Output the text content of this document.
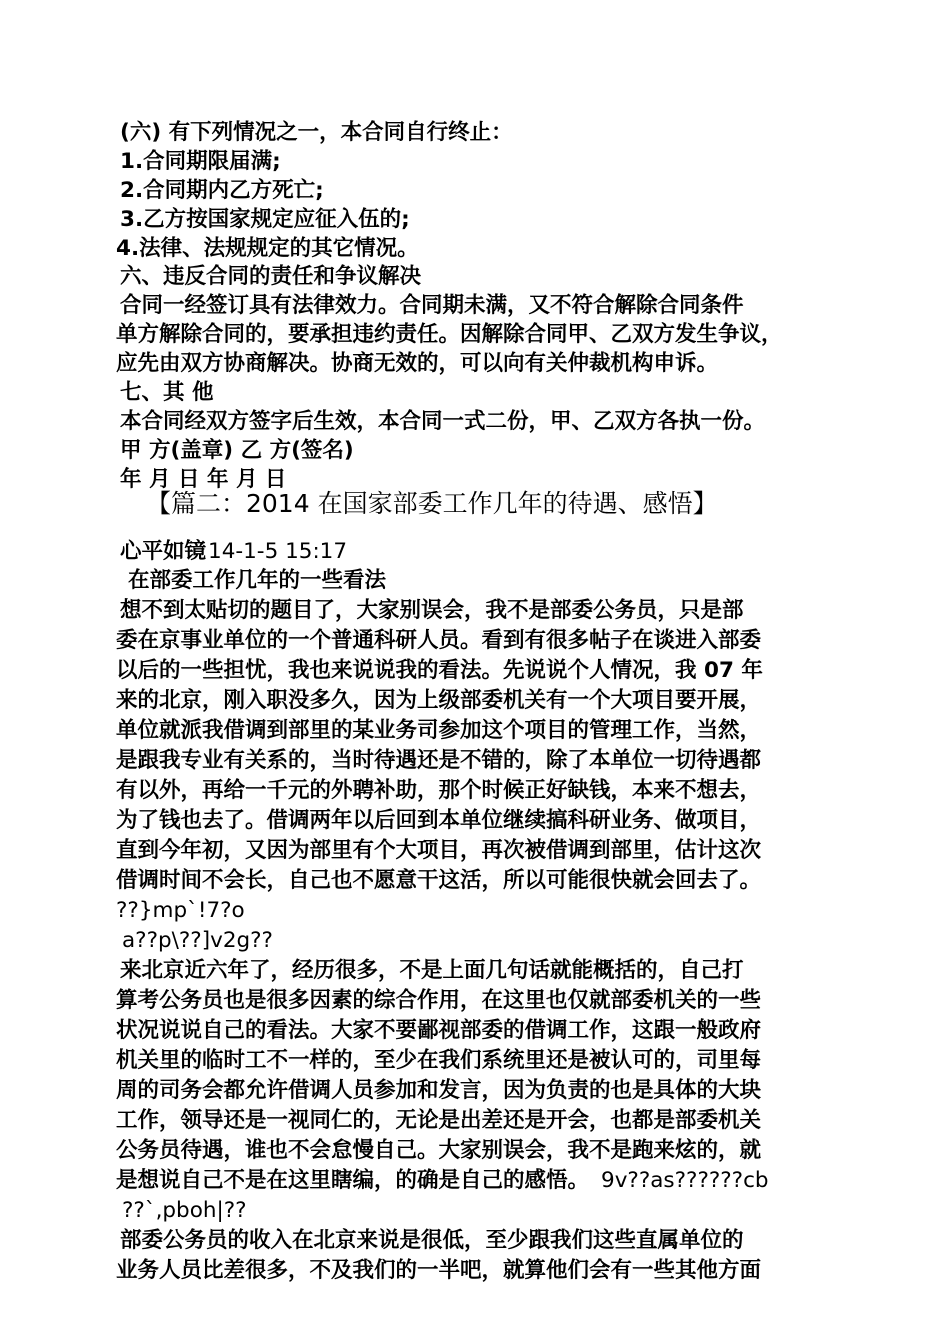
(六) 有下列情况之一，本合同自行终止：
1.合同期限届满;
2.合同期内乙方死亡;
3.乙方按国家规定应征入伍的;
4.法律、法规规定的其它情况。
六、违反合同的责任和争议解决
合同一经签订具有法律效力。合同期未满，又不符合解除合同条件
单方解除合同的，要承担违约责任。因解除合同甲、乙双方发生争议，
应先由双方协商解决。协商无效的，可以向有关仲裁机构申诉。
七、其 他
本合同经双方签字后生效，本合同一式二份，甲、乙双方各执一份。
甲 方(盖章) 乙 方(签名)
年 月 日 年 月 日
【篇二：2014 在国家部委工作几年的待遇、感悟】
心平如镜14-1-5 15:17
在部委工作几年的一些看法
想不到太贴切的题目了，大家别误会，我不是部委公务员，只是部
委在京事业单位的一个普通科研人员。看到有很多帖子在谈进入部委
以后的一些担忧，我也来说说我的看法。先说说个人情况，我 07 年
来的北京，刚入职没多久，因为上级部委机关有一个大项目要开展，
单位就派我借调到部里的某业务司参加这个项目的管理工作，当然，
是跟我专业有关系的，当时待遇还是不错的，除了本单位一切待遇都
有以外，再给一千元的外聘补助，那个时候正好缺钱，本来不想去，
为了钱也去了。借调两年以后回到本单位继续搞科研业务、做项目，
直到今年初，又因为部里有个大项目，再次被借调到部里，估计这次
借调时间不会长，自己也不愿意干这活，所以可能很快就会回去了。
??}mp`!7?o
a??p\??]v2g??
来北京近六年了，经历很多，不是上面几句话就能概括的，自己打
算考公务员也是很多因素的综合作用，在这里也仅就部委机关的一些
状况说说自己的看法。大家不要鄙视部委的借调工作，这跟一般政府
机关里的临时工不一样的，至少在我们系统里还是被认可的，司里每
周的司务会都允许借调人员参加和发言，因为负责的也是具体的大块
工作，领导还是一视同仁的，无论是出差还是开会，也都是部委机关
公务员待遇，谁也不会怠慢自己。大家别误会，我不是跑来炫的，就
是想说自己不是在这里瞎编，的确是自己的感悟。 9v??as??????cb
??`,pboh|??
部委公务员的收入在北京来说是很低，至少跟我们这些直属单位的
业务人员比差很多，不及我们的一半吧，就算他们会有一些其他方面
